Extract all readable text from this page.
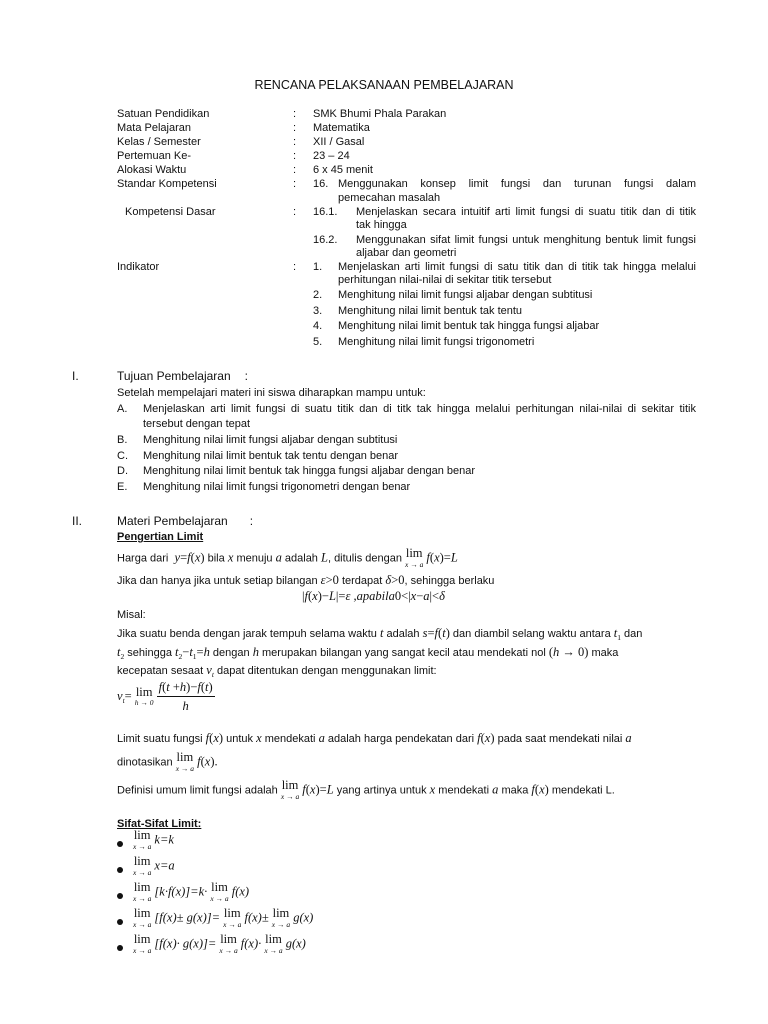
RENCANA PELAKSANAAN PEMBELAJARAN
Satuan Pendidikan	: SMK Bhumi Phala Parakan
Mata Pelajaran	: Matematika
Kelas / Semester	: XII / Gasal
Pertemuan Ke-	: 23 – 24
Alokasi Waktu	: 6 x 45 menit
Standar Kompetensi	: 16. Menggunakan konsep limit fungsi dan turunan fungsi dalam
pemecahan masalah
Kompetensi Dasar	: 16.1. Menjelaskan secara intuitif arti limit fungsi di suatu titik dan di titik
tak hingga
16.2. Menggunakan sifat limit fungsi untuk menghitung bentuk limit fungsi
aljabar dan geometri
Indikator	: 1. Menjelaskan arti limit fungsi di satu titik dan di titik tak hingga melalui
perhitungan nilai-nilai di sekitar titik tersebut
2. Menghitung nilai limit fungsi aljabar dengan subtitusi
3. Menghitung nilai limit bentuk tak tentu
4. Menghitung nilai limit bentuk tak hingga fungsi aljabar
5. Menghitung nilai limit fungsi trigonometri
I.	Tujuan Pembelajaran :
Setelah mempelajari materi ini siswa diharapkan mampu untuk:
A. Menjelaskan arti limit fungsi di suatu titik dan di titk tak hingga melalui perhitungan nilai-nilai di sekitar titik
tersebut dengan tepat
B. Menghitung nilai limit fungsi aljabar dengan subtitusi
C. Menghitung nilai limit bentuk tak tentu dengan benar
D. Menghitung nilai limit bentuk tak hingga fungsi aljabar dengan benar
E. Menghitung nilai limit fungsi trigonometri dengan benar
II.	Materi Pembelajaran :
Pengertian Limit
Harga dari  y=f(x) bila x menuju a adalah L, ditulis dengan lim
x → a f(x)=L
Jika dan hanya jika untuk setiap bilangan ε>0 terdapat δ>0, sehingga berlaku
|f(x)−L|=ε ,apabila0<|x−a|<δ
Misal:
Jika suatu benda dengan jarak tempuh selama waktu t adalah s=f(t) dan diambil selang waktu antara $t_1$ dan
$t_2$ sehingga $t_2-t_1=h$ dengan h merupakan bilangan yang sangat kecil atau mendekati nol (h → 0) maka
kecepatan sesaat $v_t$ dapat ditentukan dengan menggunakan limit:
$v_t= \lim$
h → 0
$\frac{f(t +h)-f(t)}{h}$
Limit suatu fungsi f(x) untuk x mendekati a adalah harga pendekatan dari f(x) pada saat mendekati nilai a
dinotasikan lim
x → a f(x).
Definisi umum limit fungsi adalah lim
x → a f(x)=L yang artinya untuk x mendekati a maka f(x) mendekati L.
Sifat-Sifat Limit:
lim
x → a k=k
lim
x → a x=a
lim
x → a [k·f(x)]=k· lim
x → a f(x)
lim
x → a [f(x)± g(x)]= lim
x → a f(x)± lim
x → a g(x)
lim
x → a [f(x)· g(x)]= lim
x → a f(x)· lim
x → a g(x)
